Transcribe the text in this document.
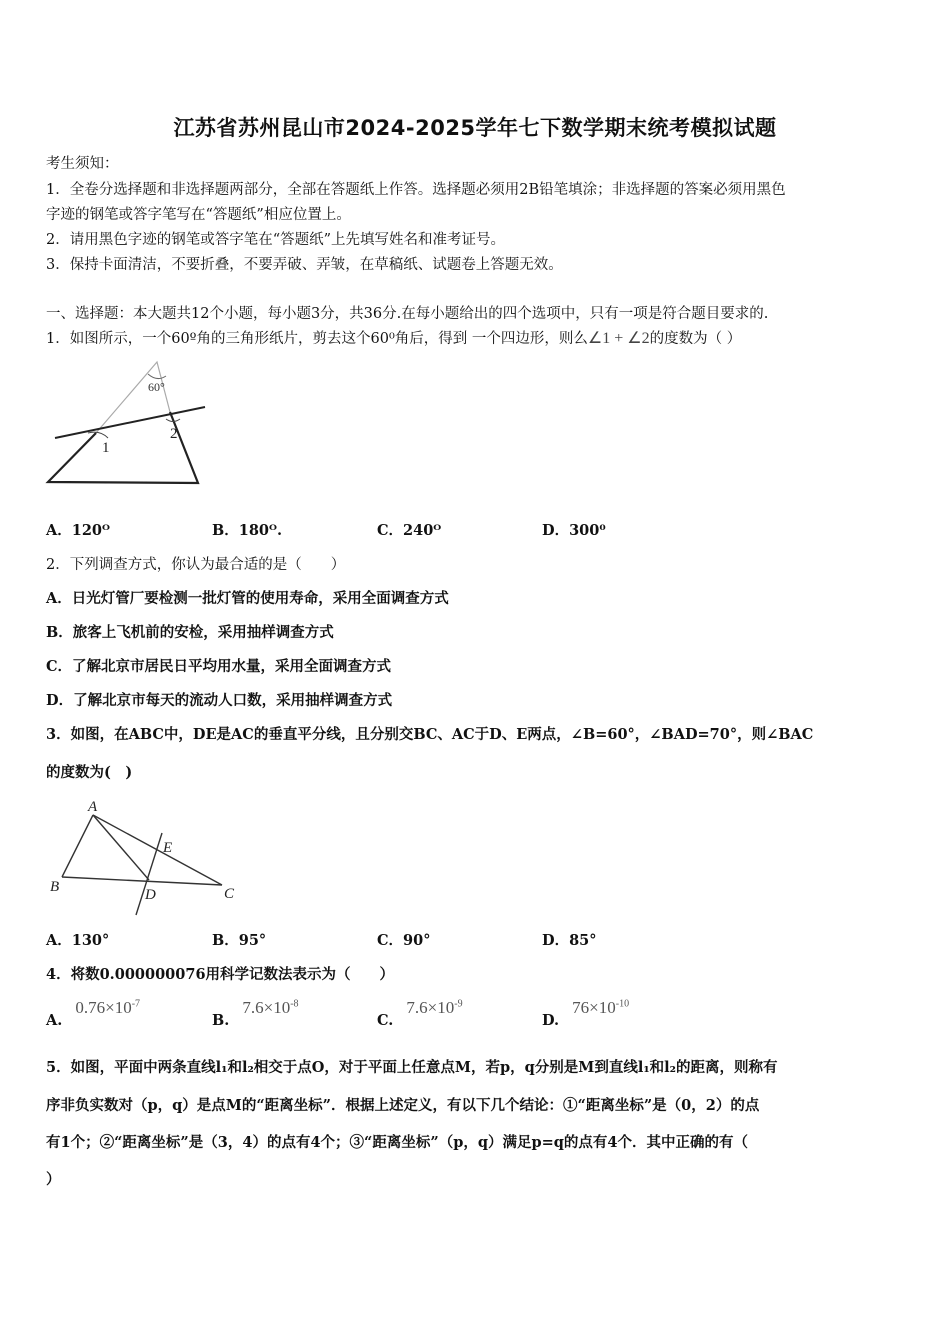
江苏省苏州昆山市2024-2025学年七下数学期末统考模拟试题
考生须知：
1．全卷分选择题和非选择题两部分，全部在答题纸上作答。选择题必须用2B铅笔填涂；非选择题的答案必须用黑色
字迹的钢笔或答字笔写在“答题纸”相应位置上。
2．请用黑色字迹的钢笔或答字笔在“答题纸”上先填写姓名和准考证号。
3．保持卡面清洁，不要折叠，不要弄破、弄皱，在草稿纸、试题卷上答题无效。
一、选择题：本大题共12个小题，每小题3分，共36分.在每小题给出的四个选项中，只有一项是符合题目要求的.
1．如图所示，一个60º角的三角形纸片，剪去这个60⁰角后，得到 一个四边形，则么∠1 + ∠2的度数为（ ）
60°
1
2
A．120ᴼ	B．180ᴼ.	C．240ᴼ	D．300⁰
2．下列调查方式，你认为最合适的是（　　）
A．日光灯管厂要检测一批灯管的使用寿命，采用全面调查方式
B．旅客上飞机前的安检，采用抽样调查方式
C．了解北京市居民日平均用水量，采用全面调查方式
D．了解北京市每天的流动人口数，采用抽样调查方式
3．如图，在ABC中，DE是AC的垂直平分线，且分别交BC、AC于D、E两点，∠B=60°，∠BAD=70°，则∠BAC
的度数为(　)
A
B	C
D
E
A．130°	B．95°	C．90°	D．85°
4．将数0.000000076用科学记数法表示为（　　）
A. $0.76\times 10^{-7}$
B. $7.6\times 10^{-8}$
C. $7.6\times 10^{-9}$
D. $76\times 10^{-10}$
5．如图，平面中两条直线l₁和l₂相交于点O，对于平面上任意点M，若p，q分别是M到直线l₁和l₂的距离，则称有
序非负实数对（p，q）是点M的“距离坐标”．根据上述定义，有以下几个结论：①“距离坐标”是（0，2）的点
有1个；②“距离坐标”是（3，4）的点有4个；③“距离坐标”（p，q）满足p=q的点有4个．其中正确的有（
）
